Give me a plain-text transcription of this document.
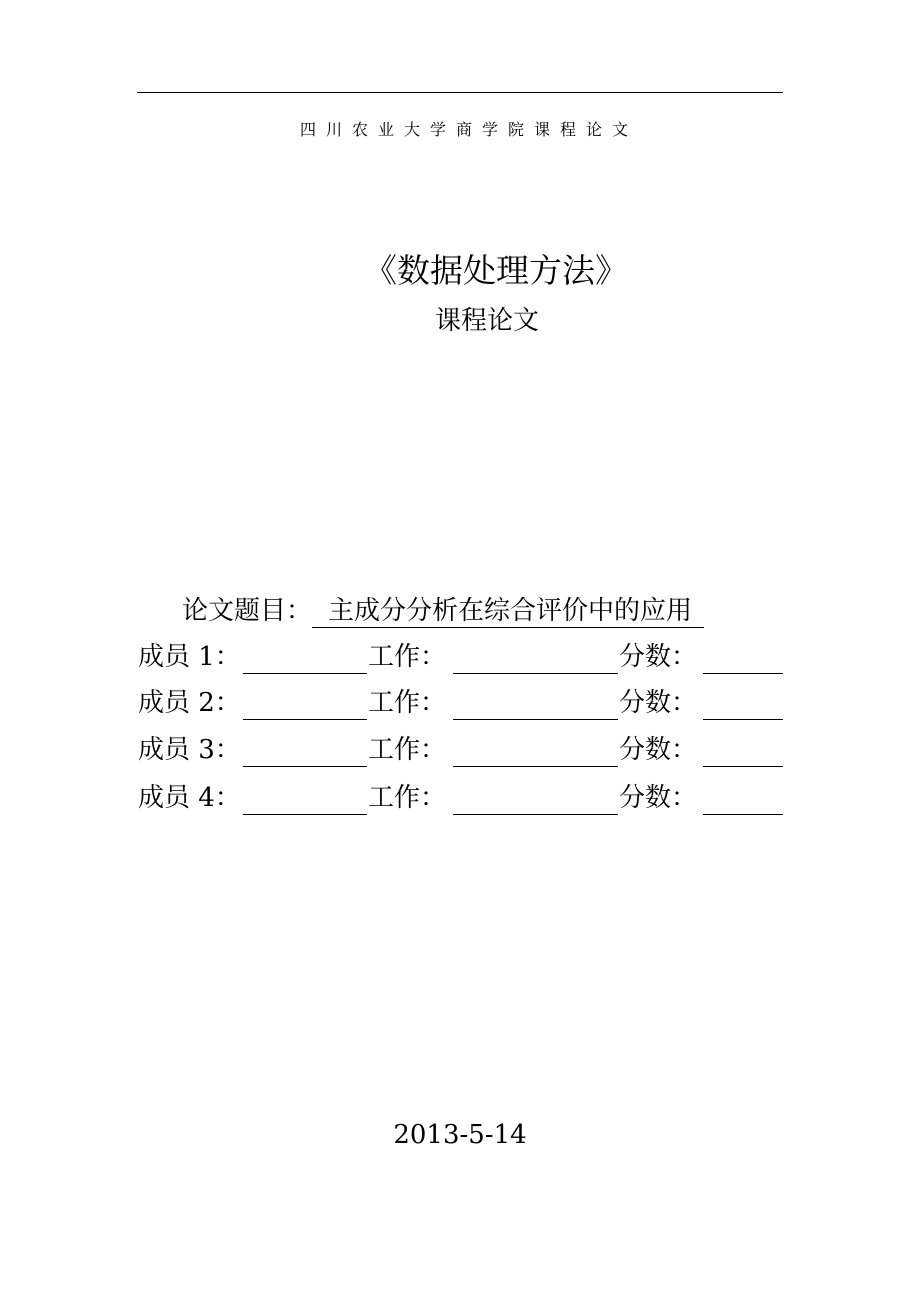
四川农业大学商学院课程论文
《数据处理方法》
课程论文
论文题目： 主成分分析在综合评价中的应用
成员 1：	工作：	分数：
成员 2：	工作：	分数：
成员 3：	工作：	分数：
成员 4：	工作：	分数：
2013-5-14
